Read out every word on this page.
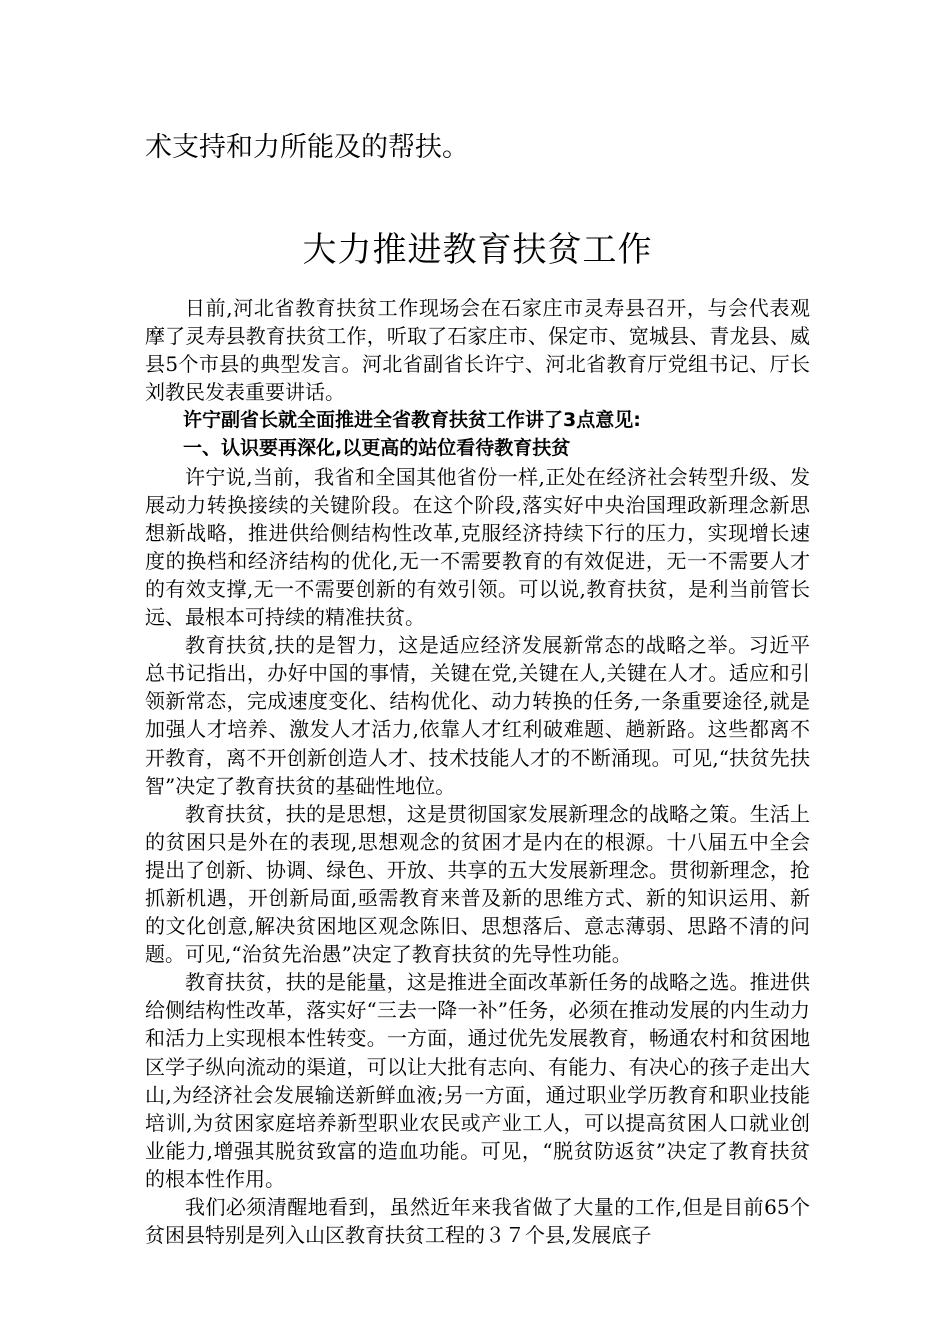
术支持和力所能及的帮扶。
大力推进教育扶贫工作

日前,河北省教育扶贫工作现场会在石家庄市灵寿县召开，与会代表观摩了灵寿县教育扶贫工作，听取了石家庄市、保定市、宽城县、青龙县、威县5个市县的典型发言。河北省副省长许宁、河北省教育厅党组书记、厅长刘教民发表重要讲话。

许宁副省长就全面推进全省教育扶贫工作讲了3点意见:

一、认识要再深化,以更高的站位看待教育扶贫

许宁说,当前，我省和全国其他省份一样,正处在经济社会转型升级、发展动力转换接续的关键阶段。在这个阶段,落实好中央治国理政新理念新思想新战略，推进供给侧结构性改革,克服经济持续下行的压力，实现增长速度的换档和经济结构的优化,无一不需要教育的有效促进，无一不需要人才的有效支撑,无一不需要创新的有效引领。可以说,教育扶贫，是利当前管长远、最根本可持续的精准扶贫。

教育扶贫,扶的是智力，这是适应经济发展新常态的战略之举。习近平总书记指出，办好中国的事情，关键在党,关键在人,关键在人才。适应和引领新常态，完成速度变化、结构优化、动力转换的任务,一条重要途径,就是加强人才培养、激发人才活力,依靠人才红利破难题、趟新路。这些都离不开教育，离不开创新创造人才、技术技能人才的不断涌现。可见,“扶贫先扶智”决定了教育扶贫的基础性地位。

教育扶贫，扶的是思想，这是贯彻国家发展新理念的战略之策。生活上的贫困只是外在的表现,思想观念的贫困才是内在的根源。十八届五中全会提出了创新、协调、绿色、开放、共享的五大发展新理念。贯彻新理念，抢抓新机遇，开创新局面,亟需教育来普及新的思维方式、新的知识运用、新的文化创意,解决贫困地区观念陈旧、思想落后、意志薄弱、思路不清的问题。可见,“治贫先治愚”决定了教育扶贫的先导性功能。

教育扶贫，扶的是能量，这是推进全面改革新任务的战略之选。推进供给侧结构性改革，落实好“三去一降一补”任务，必须在推动发展的内生动力和活力上实现根本性转变。一方面，通过优先发展教育，畅通农村和贫困地区学子纵向流动的渠道，可以让大批有志向、有能力、有决心的孩子走出大山,为经济社会发展输送新鲜血液;另一方面，通过职业学历教育和职业技能培训,为贫困家庭培养新型职业农民或产业工人，可以提高贫困人口就业创业能力,增强其脱贫致富的造血功能。可见，“脱贫防返贫”决定了教育扶贫的根本性作用。

我们必须清醒地看到，虽然近年来我省做了大量的工作,但是目前65个贫困县特别是列入山区教育扶贫工程的３７个县,发展底子
